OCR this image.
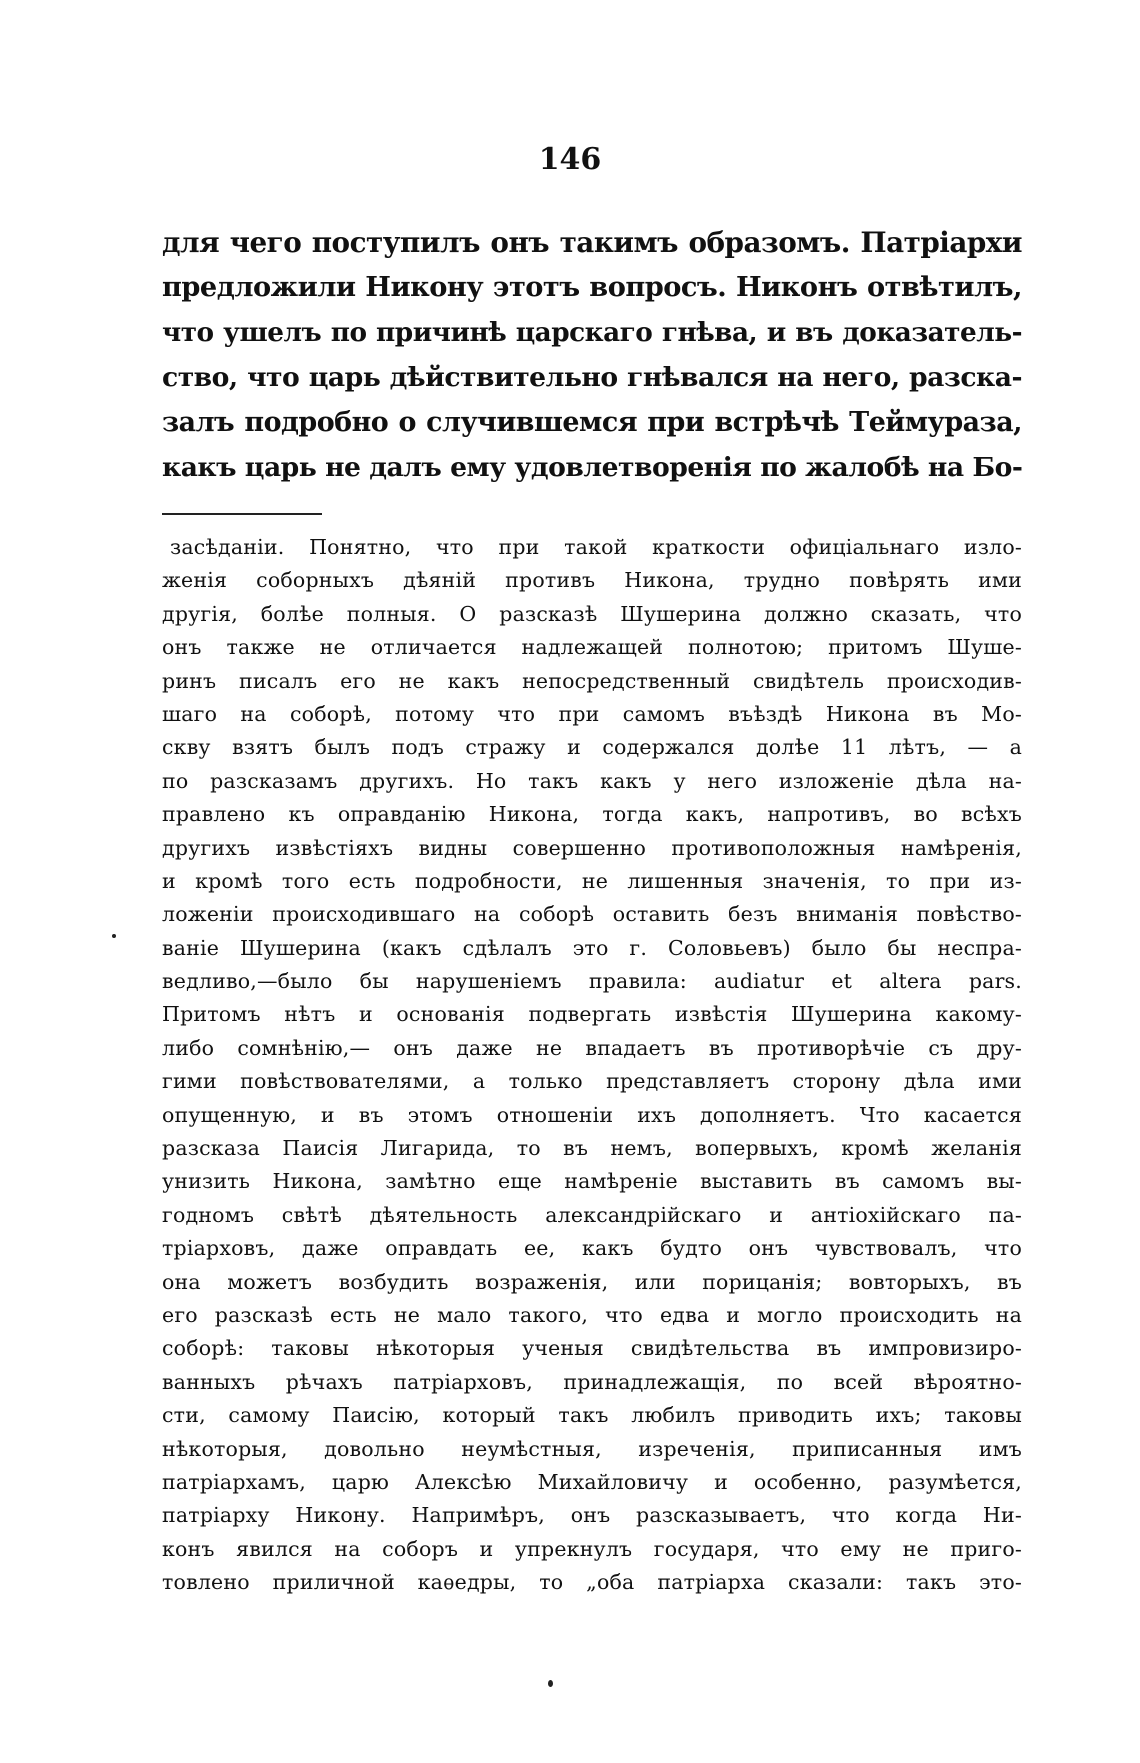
146
для чего поступилъ онъ такимъ образомъ. Патріархи
предложили Никону этотъ вопросъ. Никонъ отвѣтилъ,
что ушелъ по причинѣ царскаго гнѣва, и въ доказатель-
ство, что царь дѣйствительно гнѣвался на него, разска-
залъ подробно о случившемся при встрѣчѣ Теймураза,
какъ царь не далъ ему удовлетворенія по жалобѣ на Бо-
засѣданіи. Понятно, что при такой краткости офиціальнаго изло-
женія соборныхъ дѣяній противъ Никона, трудно повѣрять ими
другія, болѣе полныя. О разсказѣ Шушерина должно сказать, что
онъ также не отличается надлежащей полнотою; притомъ Шуше-
ринъ писалъ его не какъ непосредственный свидѣтель происходив-
шаго на соборѣ, потому что при самомъ въѣздѣ Никона въ Мо-
скву взятъ былъ подъ стражу и содержался долѣе 11 лѣтъ, — а
по разсказамъ другихъ. Но такъ какъ у него изложеніе дѣла на-
правлено къ оправданію Никона, тогда какъ, напротивъ, во всѣхъ
другихъ извѣстіяхъ видны совершенно противоположныя намѣренія,
и кромѣ того есть подробности, не лишенныя значенія, то при из-
ложеніи происходившаго на соборѣ оставить безъ вниманія повѣство-
ваніе Шушерина (какъ сдѣлалъ это г. Соловьевъ) было бы неспра-
ведливо,—было бы нарушеніемъ правила: audiatur et altera pars.
Притомъ нѣтъ и основанія подвергать извѣстія Шушерина какому-
либо сомнѣнію,— онъ даже не впадаетъ въ противорѣчіе съ дру-
гими повѣствователями, а только представляетъ сторону дѣла ими
опущенную, и въ этомъ отношеніи ихъ дополняетъ. Что касается
разсказа Паисія Лигарида, то въ немъ, вопервыхъ, кромѣ желанія
унизить Никона, замѣтно еще намѣреніе выставить въ самомъ вы-
годномъ свѣтѣ дѣятельность александрійскаго и антіохійскаго па-
тріарховъ, даже оправдать ее, какъ будто онъ чувствовалъ, что
она можетъ возбудить возраженія, или порицанія; вовторыхъ, въ
его разсказѣ есть не мало такого, что едва и могло происходить на
соборѣ: таковы нѣкоторыя ученыя свидѣтельства въ импровизиро-
ванныхъ рѣчахъ патріарховъ, принадлежащія, по всей вѣроятно-
сти, самому Паисію, который такъ любилъ приводить ихъ; таковы
нѣкоторыя, довольно неумѣстныя, изреченія, приписанныя имъ
патріархамъ, царю Алексѣю Михайловичу и особенно, разумѣется,
патріарху Никону. Напримѣръ, онъ разсказываетъ, что когда Ни-
конъ явился на соборъ и упрекнулъ государя, что ему не приго-
товлено приличной каѳедры, то „оба патріарха сказали: такъ это-
